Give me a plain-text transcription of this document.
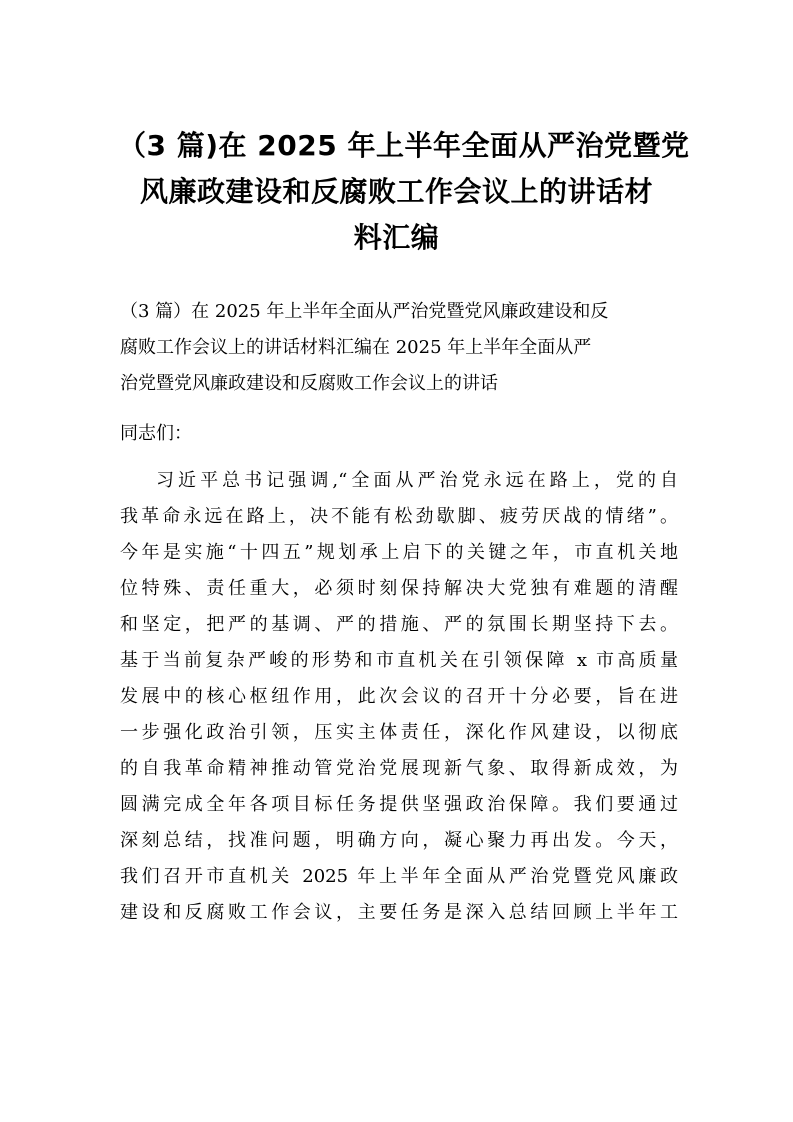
（3 篇)在 2025 年上半年全面从严治党暨党
风廉政建设和反腐败工作会议上的讲话材
料汇编
（3 篇）在 2025 年上半年全面从严治党暨党风廉政建设和反
腐败工作会议上的讲话材料汇编在 2025 年上半年全面从严
治党暨党风廉政建设和反腐败工作会议上的讲话
同志们：
习近平总书记强调,“全面从严治党永远在路上，党的自
我革命永远在路上，决不能有松劲歇脚、疲劳厌战的情绪”。
今年是实施“十四五”规划承上启下的关键之年，市直机关地
位特殊、责任重大，必须时刻保持解决大党独有难题的清醒
和坚定，把严的基调、严的措施、严的氛围长期坚持下去。
基于当前复杂严峻的形势和市直机关在引领保障 x 市高质量
发展中的核心枢纽作用，此次会议的召开十分必要，旨在进
一步强化政治引领，压实主体责任，深化作风建设，以彻底
的自我革命精神推动管党治党展现新气象、取得新成效，为
圆满完成全年各项目标任务提供坚强政治保障。我们要通过
深刻总结，找准问题，明确方向，凝心聚力再出发。今天，
我们召开市直机关 2025 年上半年全面从严治党暨党风廉政
建设和反腐败工作会议，主要任务是深入总结回顾上半年工
